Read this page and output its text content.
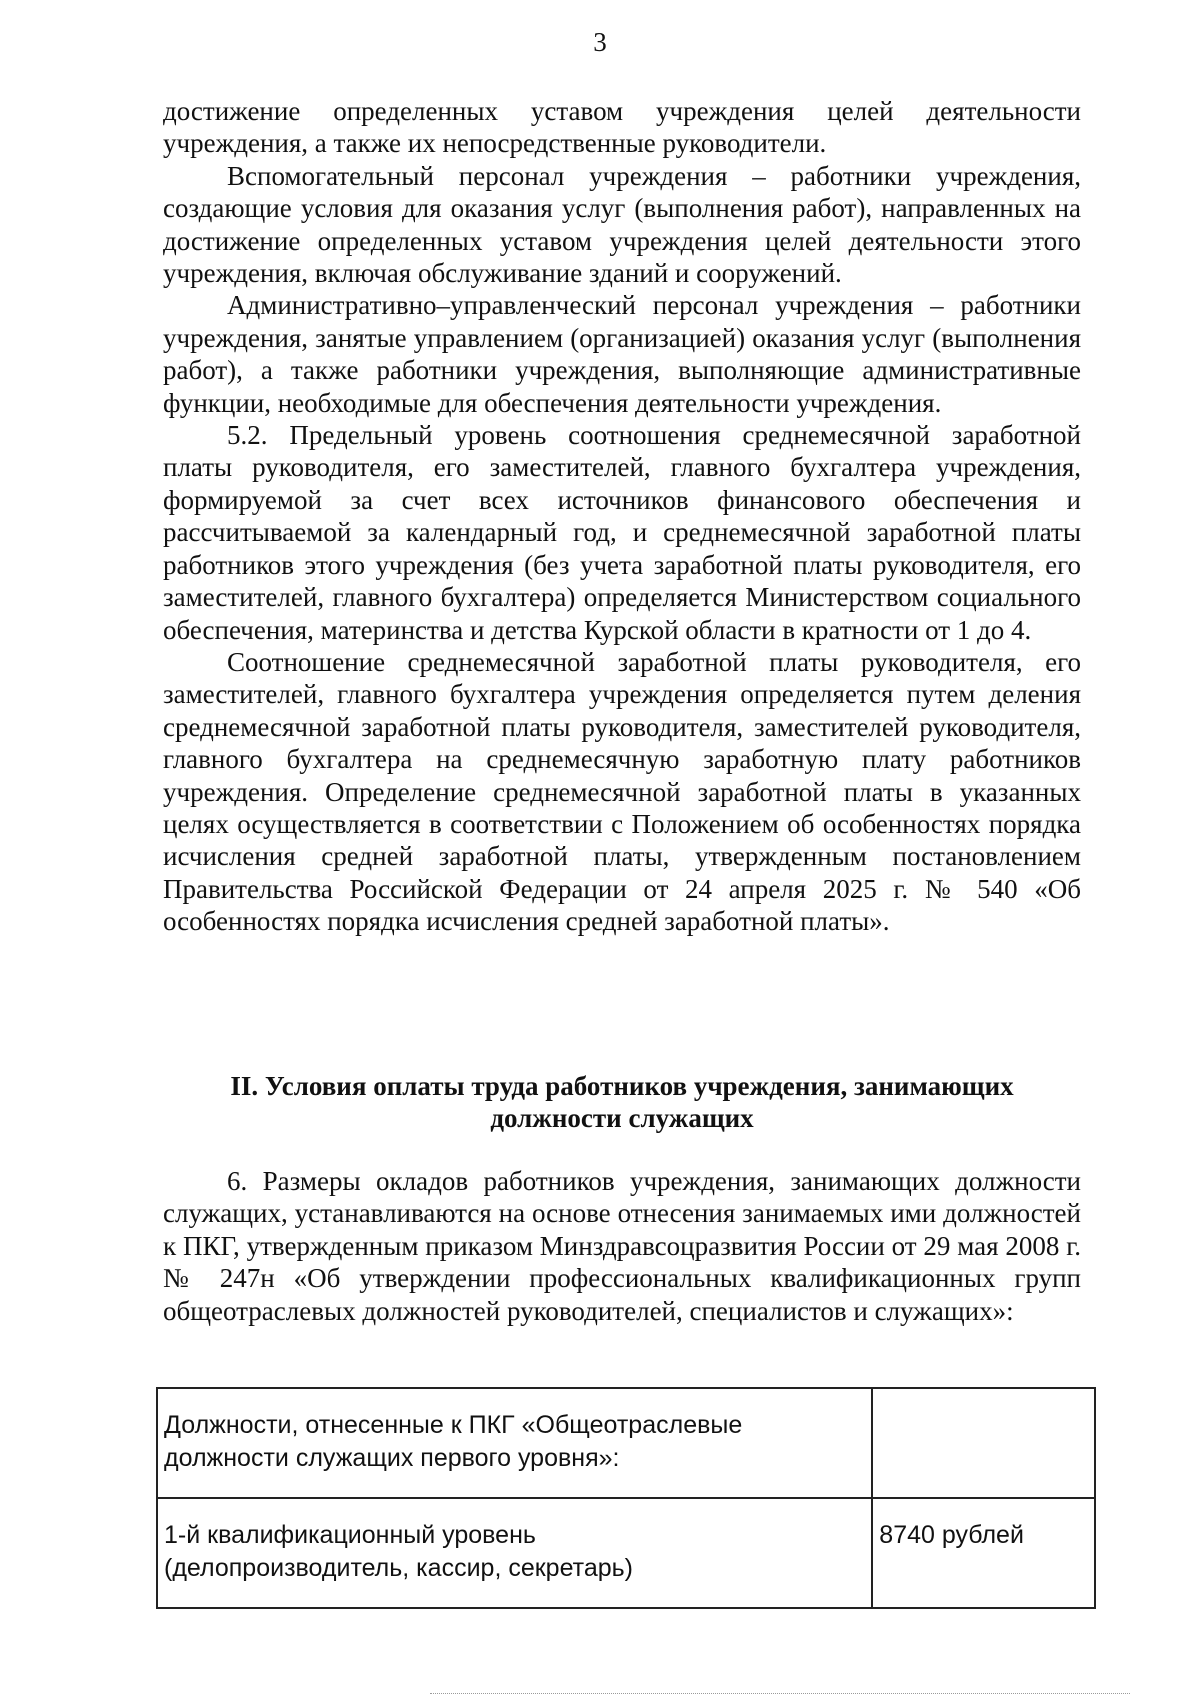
3

достижение определенных уставом учреждения целей деятельности учреждения, а также их непосредственные руководители.

Вспомогательный персонал учреждения – работники учреждения, создающие условия для оказания услуг (выполнения работ), направленных на достижение определенных уставом учреждения целей деятельности этого учреждения, включая обслуживание зданий и сооружений.

Административно–управленческий персонал учреждения – работники учреждения, занятые управлением (организацией) оказания услуг (выполнения работ), а также работники учреждения, выполняющие административные функции, необходимые для обеспечения деятельности учреждения.

5.2. Предельный уровень соотношения среднемесячной заработной платы руководителя, его заместителей, главного бухгалтера учреждения, формируемой за счет всех источников финансового обеспечения и рассчитываемой за календарный год, и среднемесячной заработной платы работников этого учреждения (без учета заработной платы руководителя, его заместителей, главного бухгалтера) определяется Министерством социального обеспечения, материнства и детства Курской области в кратности от 1 до 4.

Соотношение среднемесячной заработной платы руководителя, его заместителей, главного бухгалтера учреждения определяется путем деления среднемесячной заработной платы руководителя, заместителей руководителя, главного бухгалтера на среднемесячную заработную плату работников учреждения. Определение среднемесячной заработной платы в указанных целях осуществляется в соответствии с Положением об особенностях порядка исчисления средней заработной платы, утвержденным постановлением Правительства Российской Федерации от 24 апреля 2025 г. № 540 «Об особенностях порядка исчисления средней заработной платы».

II. Условия оплаты труда работников учреждения, занимающих
должности служащих

6. Размеры окладов работников учреждения, занимающих должности служащих, устанавливаются на основе отнесения занимаемых ими должностей к ПКГ, утвержденным приказом Минздравсоцразвития России от 29 мая 2008 г. № 247н «Об утверждении профессиональных квалификационных групп общеотраслевых должностей руководителей, специалистов и служащих»:

Должности, отнесенные к ПКГ «Общеотраслевые
должности служащих первого уровня»:	
1-й квалификационный уровень
(делопроизводитель, кассир, секретарь)	8740 рублей
